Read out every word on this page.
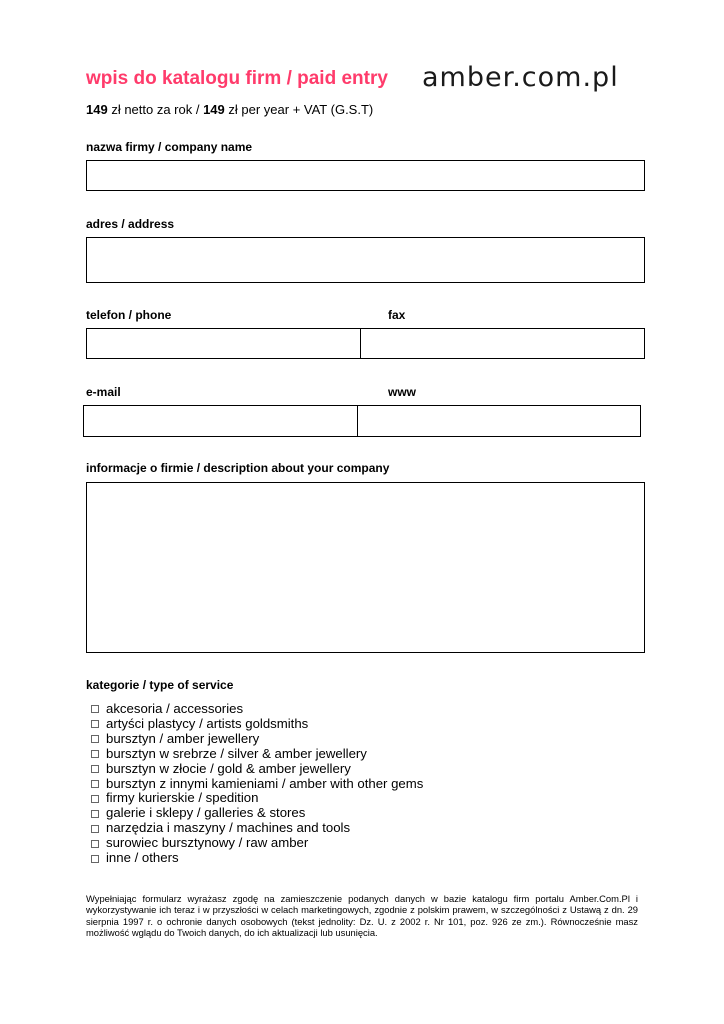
wpis do katalogu firm / paid entry amber.com.pl
149 zł netto za rok / 149 zł per year + VAT (G.S.T)
nazwa firmy / company name
adres / address
telefon / phone	fax
e-mail	www
informacje o firmie / description about your company
kategorie / type of service
akcesoria / accessories
artyści plastycy / artists goldsmiths
bursztyn / amber jewellery
bursztyn w srebrze / silver & amber jewellery
bursztyn w złocie / gold & amber jewellery
bursztyn z innymi kamieniami / amber with other gems
firmy kurierskie / spedition
galerie i sklepy / galleries & stores
narzędzia i maszyny / machines and tools
surowiec bursztynowy / raw amber
inne / others
Wypełniając formularz wyrażasz zgodę na zamieszczenie podanych danych w bazie katalogu firm portalu Amber.Com.Pl i wykorzystywanie ich teraz i w przyszłości w celach marketingowych, zgodnie z polskim prawem, w szczególności z Ustawą z dn. 29 sierpnia 1997 r. o ochronie danych osobowych (tekst jednolity: Dz. U. z 2002 r. Nr 101, poz. 926 ze zm.). Równocześnie masz możliwość wglądu do Twoich danych, do ich aktualizacji lub usunięcia.
